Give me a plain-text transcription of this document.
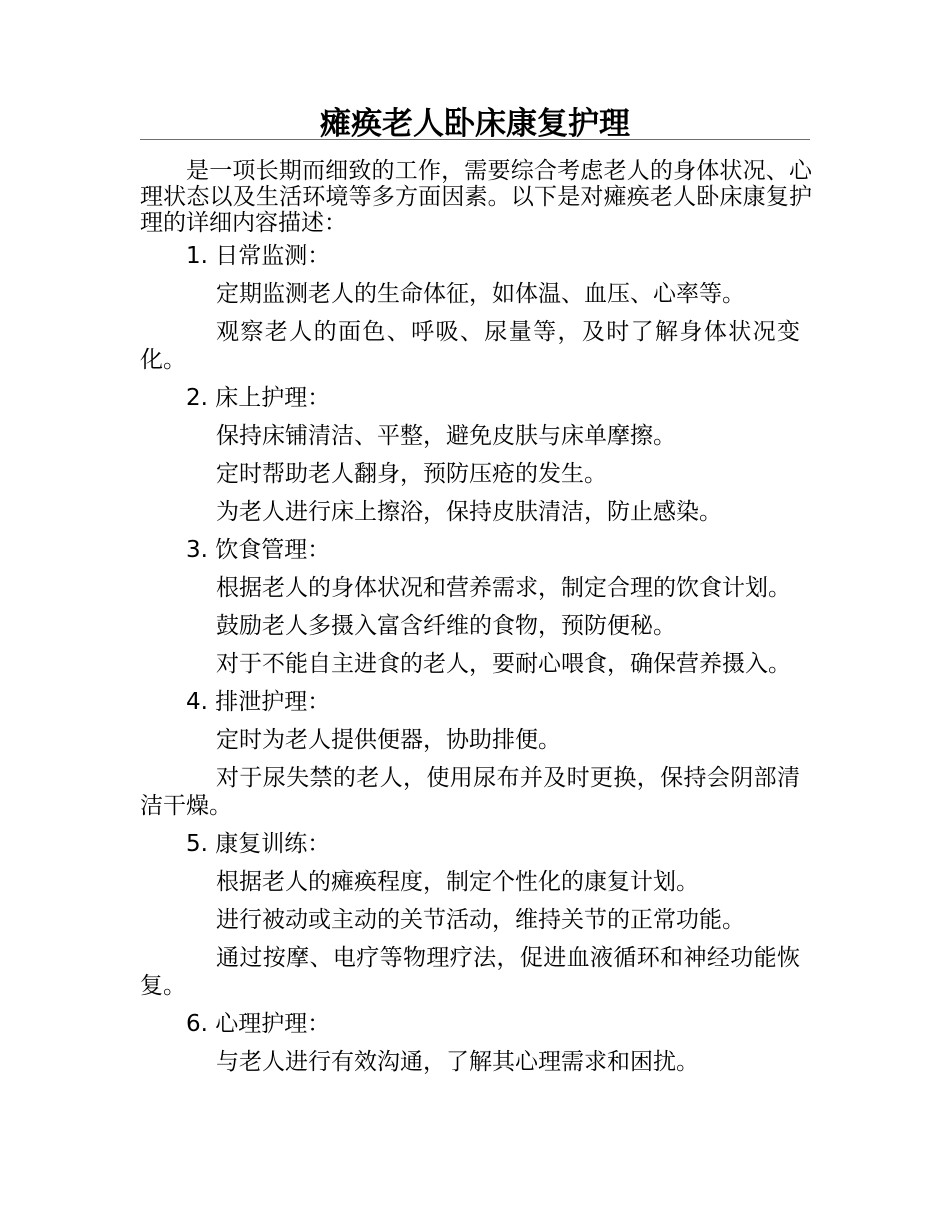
瘫痪老人卧床康复护理

是一项长期而细致的工作，需要综合考虑老人的身体状况、心理状态以及生活环境等多方面因素。以下是对瘫痪老人卧床康复护理的详细内容描述：

1. 日常监测：

定期监测老人的生命体征，如体温、血压、心率等。

观察老人的面色、呼吸、尿量等，及时了解身体状况变化。

2. 床上护理：

保持床铺清洁、平整，避免皮肤与床单摩擦。

定时帮助老人翻身，预防压疮的发生。

为老人进行床上擦浴，保持皮肤清洁，防止感染。

3. 饮食管理：

根据老人的身体状况和营养需求，制定合理的饮食计划。

鼓励老人多摄入富含纤维的食物，预防便秘。

对于不能自主进食的老人，要耐心喂食，确保营养摄入。

4. 排泄护理：

定时为老人提供便器，协助排便。

对于尿失禁的老人，使用尿布并及时更换，保持会阴部清洁干燥。

5. 康复训练：

根据老人的瘫痪程度，制定个性化的康复计划。

进行被动或主动的关节活动，维持关节的正常功能。

通过按摩、电疗等物理疗法，促进血液循环和神经功能恢复。

6. 心理护理：

与老人进行有效沟通，了解其心理需求和困扰。
